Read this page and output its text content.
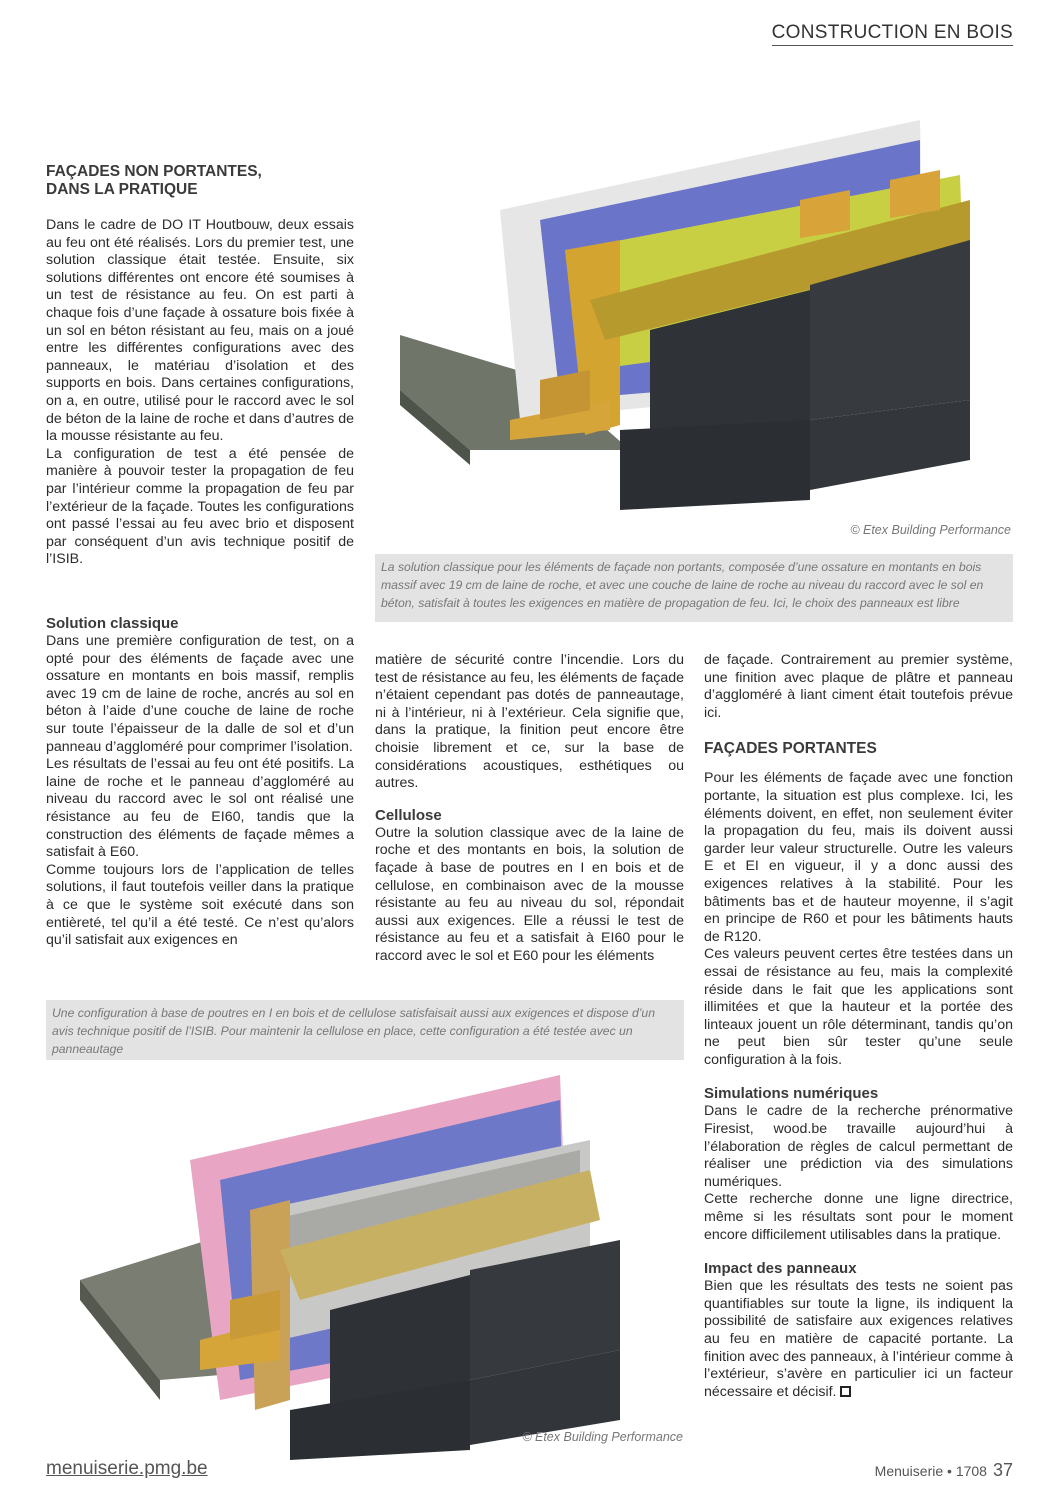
CONSTRUCTION EN BOIS
© Etex Building Performance
La solution classique pour les éléments de façade non portants, composée d’une ossature en montants en bois massif avec 19 cm de laine de roche, et avec une couche de laine de roche au niveau du raccord avec le sol en béton, satisfait à toutes les exigences en matière de propagation de feu. Ici, le choix des panneaux est libre
FAÇADES NON PORTANTES,
DANS LA PRATIQUE

Dans le cadre de DO IT Houtbouw, deux essais au feu ont été réalisés. Lors du premier test, une solution classique était testée. Ensuite, six solutions différentes ont encore été soumises à un test de résistance au feu. On est parti à chaque fois d’une façade à ossature bois fixée à un sol en béton résistant au feu, mais on a joué entre les différentes configurations avec des panneaux, le matériau d’isolation et des supports en bois. Dans certaines configurations, on a, en outre, utilisé pour le raccord avec le sol de béton de la laine de roche et dans d’autres de la mousse résistante au feu.

La configuration de test a été pensée de manière à pouvoir tester la propagation de feu par l’intérieur comme la propagation de feu par l’extérieur de la façade. Toutes les configurations ont passé l’essai au feu avec brio et disposent par conséquent d’un avis technique positif de l’ISIB.

Solution classique

Dans une première configuration de test, on a opté pour des éléments de façade avec une ossature en montants en bois massif, remplis avec 19 cm de laine de roche, ancrés au sol en béton à l’aide d’une couche de laine de roche sur toute l’épaisseur de la dalle de sol et d’un panneau d’aggloméré pour comprimer l’isolation.

Les résultats de l’essai au feu ont été positifs. La laine de roche et le panneau d’aggloméré au niveau du raccord avec le sol ont réalisé une résistance au feu de EI60, tandis que la construction des éléments de façade mêmes a satisfait à E60.

Comme toujours lors de l’application de telles solutions, il faut toutefois veiller dans la pratique à ce que le système soit exécuté dans son entièreté, tel qu’il a été testé. Ce n’est qu’alors qu’il satisfait aux exigences en

matière de sécurité contre l’incendie. Lors du test de résistance au feu, les éléments de façade n’étaient cependant pas dotés de panneautage, ni à l’intérieur, ni à l’extérieur. Cela signifie que, dans la pratique, la finition peut encore être choisie librement et ce, sur la base de considérations acoustiques, esthétiques ou autres.

Cellulose

Outre la solution classique avec de la laine de roche et des montants en bois, la solution de façade à base de poutres en I en bois et de cellulose, en combinaison avec de la mousse résistante au feu au niveau du sol, répondait aussi aux exigences. Elle a réussi le test de résistance au feu et a satisfait à EI60 pour le raccord avec le sol et E60 pour les éléments

de façade. Contrairement au premier système, une finition avec plaque de plâtre et panneau d’aggloméré à liant ciment était toutefois prévue ici.

FAÇADES PORTANTES

Pour les éléments de façade avec une fonction portante, la situation est plus complexe. Ici, les éléments doivent, en effet, non seulement éviter la propagation du feu, mais ils doivent aussi garder leur valeur structurelle. Outre les valeurs E et EI en vigueur, il y a donc aussi des exigences relatives à la stabilité. Pour les bâtiments bas et de hauteur moyenne, il s’agit en principe de R60 et pour les bâtiments hauts de R120.

Ces valeurs peuvent certes être testées dans un essai de résistance au feu, mais la complexité réside dans le fait que les applications sont illimitées et que la hauteur et la portée des linteaux jouent un rôle déterminant, tandis qu’on ne peut bien sûr tester qu’une seule configuration à la fois.

Simulations numériques

Dans le cadre de la recherche prénormative Firesist, wood.be travaille aujourd’hui à l’élaboration de règles de calcul permettant de réaliser une prédiction via des simulations numériques.

Cette recherche donne une ligne directrice, même si les résultats sont pour le moment encore difficilement utilisables dans la pratique.

Impact des panneaux

Bien que les résultats des tests ne soient pas quantifiables sur toute la ligne, ils indiquent la possibilité de satisfaire aux exigences relatives au feu en matière de capacité portante. La finition avec des panneaux, à l’intérieur comme à l’extérieur, s’avère en particulier ici un facteur nécessaire et décisif.

Une configuration à base de poutres en I en bois et de cellulose satisfaisait aussi aux exigences et dispose d’un avis technique positif de l’ISIB. Pour maintenir la cellulose en place, cette configuration a été testée avec un panneautage
© Etex Building Performance
menuiserie.pmg.be	Menuiserie • 1708 37
